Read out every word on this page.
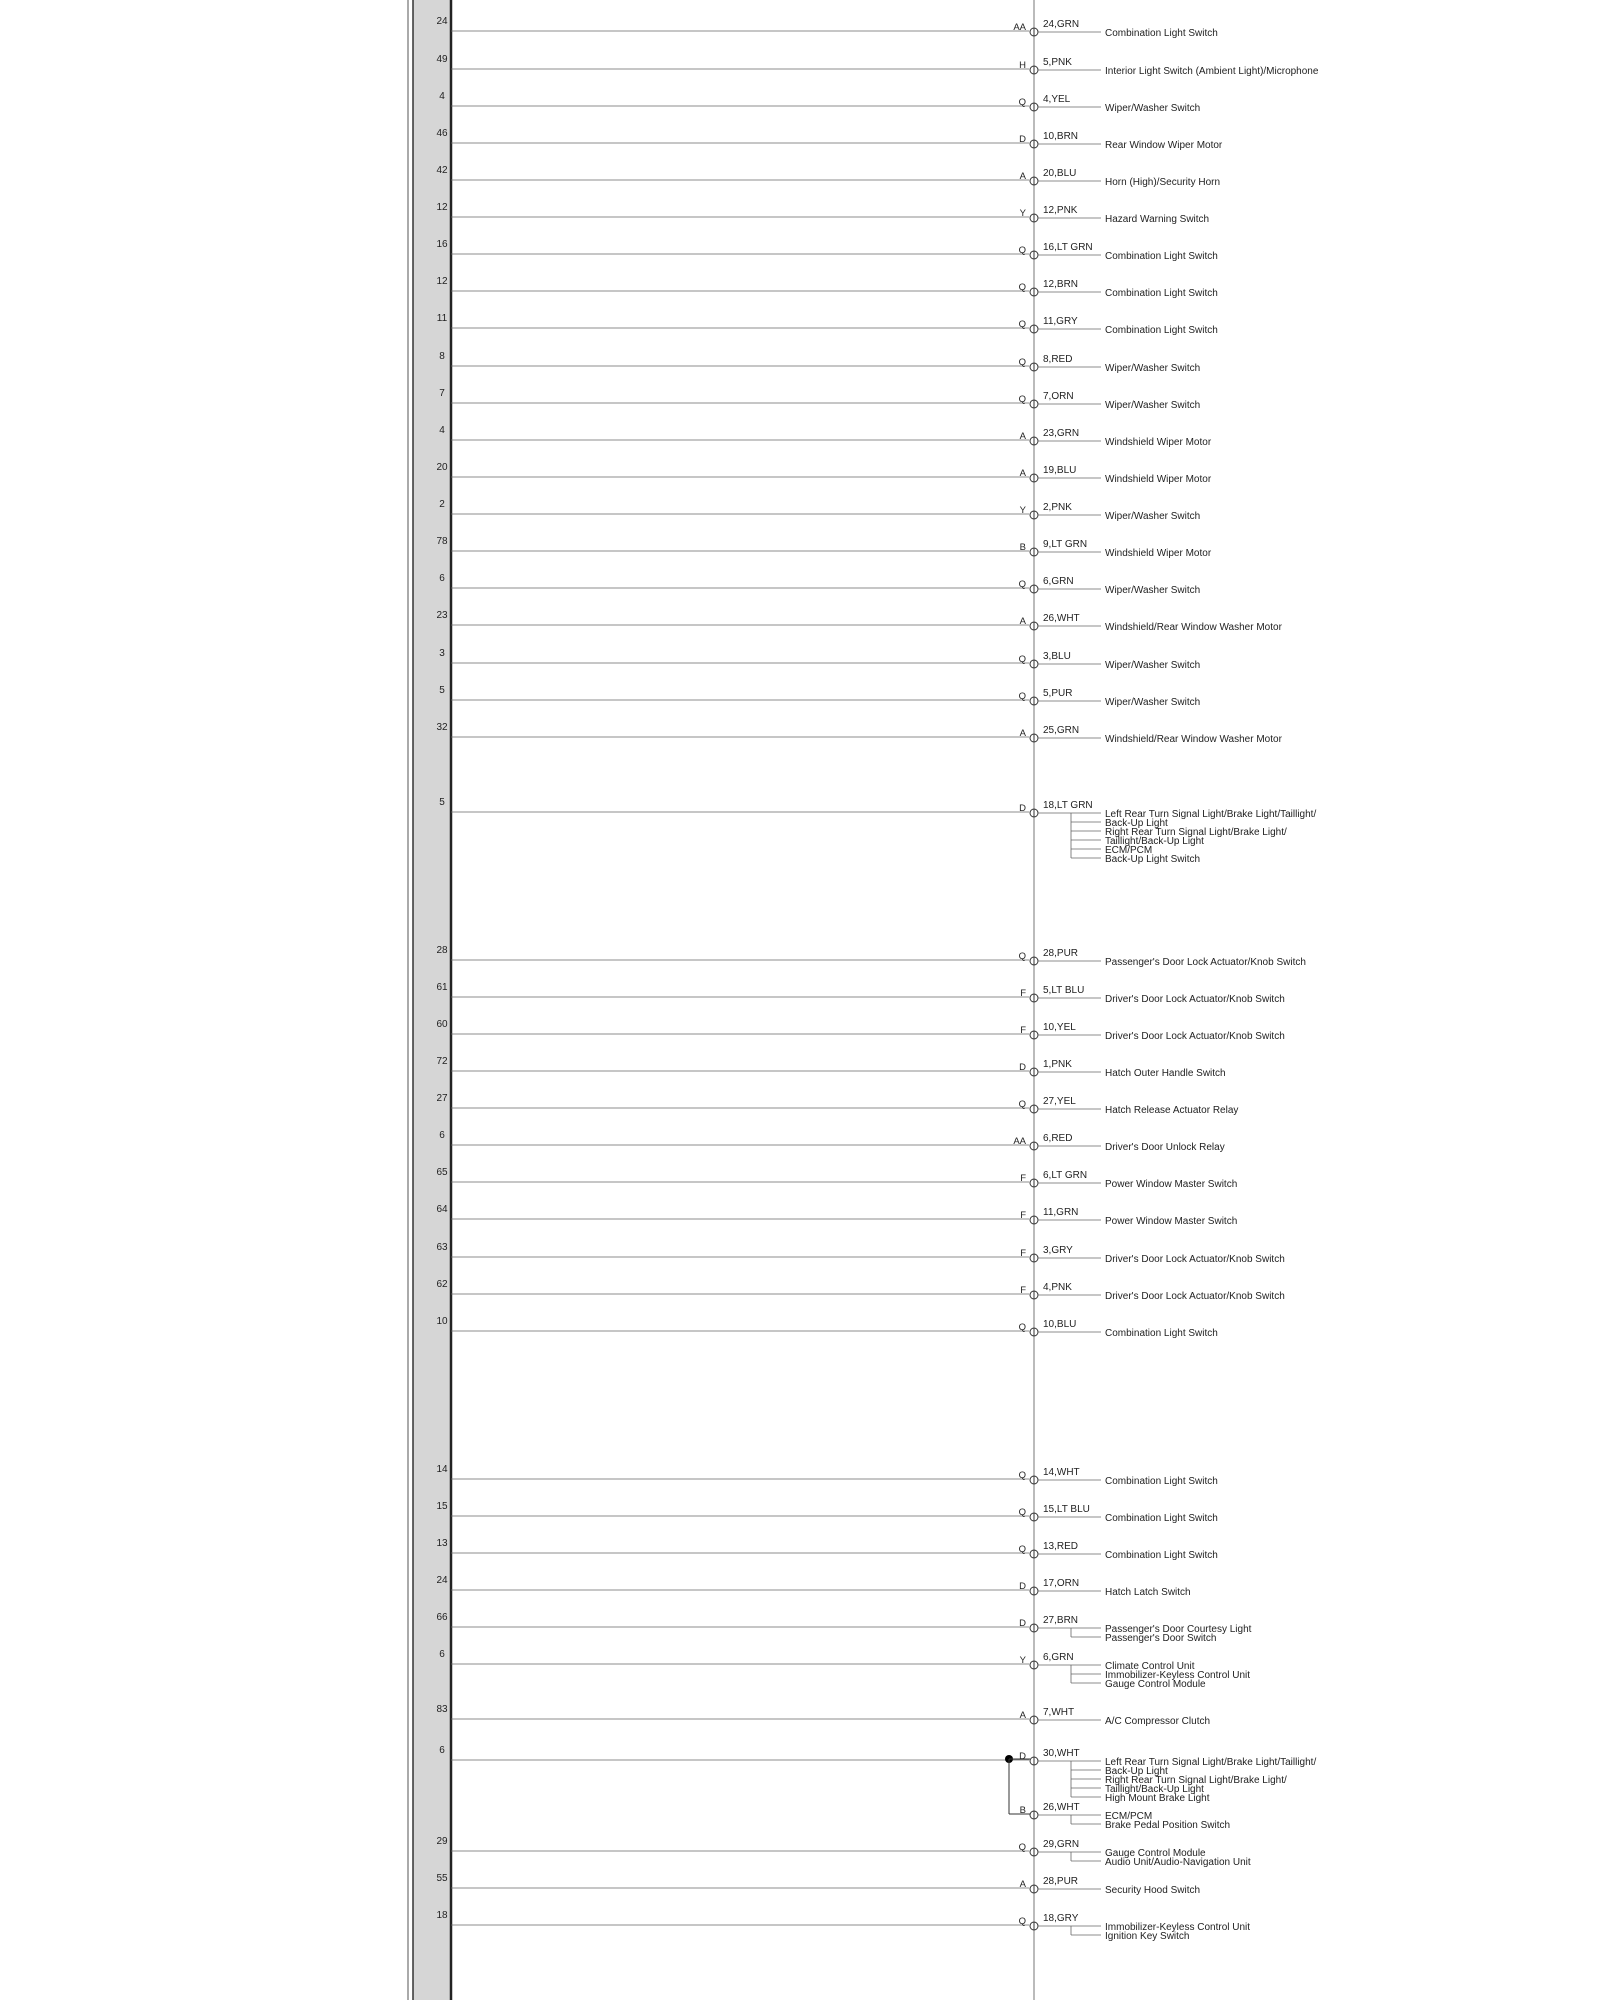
24
AA 24,GRN
Combination Light Switch
49
H 5,PNK
Interior Light Switch (Ambient Light)/Microphone
4
Q 4,YEL
Wiper/Washer Switch
46
D 10,BRN
Rear Window Wiper Motor
42
A 20,BLU
Horn (High)/Security Horn
12
Y 12,PNK
Hazard Warning Switch
16
Q 16,LT GRN
Combination Light Switch
12
Q 12,BRN
Combination Light Switch
11
Q 11,GRY
Combination Light Switch
8
Q 8,RED
Wiper/Washer Switch
7
Q 7,ORN
Wiper/Washer Switch
4
A 23,GRN
Windshield Wiper Motor
20
A 19,BLU
Windshield Wiper Motor
2
Y 2,PNK
Wiper/Washer Switch
78
B 9,LT GRN
Windshield Wiper Motor
6
Q 6,GRN
Wiper/Washer Switch
23
A 26,WHT
Windshield/Rear Window Washer Motor
3
Q 3,BLU
Wiper/Washer Switch
5
Q 5,PUR
Wiper/Washer Switch
32
A 25,GRN
Windshield/Rear Window Washer Motor
5
D 18,LT GRN
Left Rear Turn Signal Light/Brake Light/Taillight/
Back-Up Light
Right Rear Turn Signal Light/Brake Light/
Taillight/Back-Up Light
ECM/PCM
Back-Up Light Switch
28
Q 28,PUR
Passenger's Door Lock Actuator/Knob Switch
61
F 5,LT BLU
Driver's Door Lock Actuator/Knob Switch
60
F 10,YEL
Driver's Door Lock Actuator/Knob Switch
72
D 1,PNK
Hatch Outer Handle Switch
27
Q 27,YEL
Hatch Release Actuator Relay
6
AA 6,RED
Driver's Door Unlock Relay
65
F 6,LT GRN
Power Window Master Switch
64
F 11,GRN
Power Window Master Switch
63
F 3,GRY
Driver's Door Lock Actuator/Knob Switch
62
F 4,PNK
Driver's Door Lock Actuator/Knob Switch
10
Q 10,BLU
Combination Light Switch
14
Q 14,WHT
Combination Light Switch
15
Q 15,LT BLU
Combination Light Switch
13
Q 13,RED
Combination Light Switch
24
D 17,ORN
Hatch Latch Switch
66
D 27,BRN
Passenger's Door Courtesy Light
Passenger's Door Switch
6
Y 6,GRN
Climate Control Unit
Immobilizer-Keyless Control Unit
Gauge Control Module
83
A 7,WHT
A/C Compressor Clutch
6
D 30,WHT
Left Rear Turn Signal Light/Brake Light/Taillight/
Back-Up Light
Right Rear Turn Signal Light/Brake Light/
Taillight/Back-Up Light
High Mount Brake Light
B 26,WHT
ECM/PCM
Brake Pedal Position Switch
29
Q 29,GRN
Gauge Control Module
Audio Unit/Audio-Navigation Unit
55
A 28,PUR
Security Hood Switch
18
Q 18,GRY
Immobilizer-Keyless Control Unit
Ignition Key Switch
